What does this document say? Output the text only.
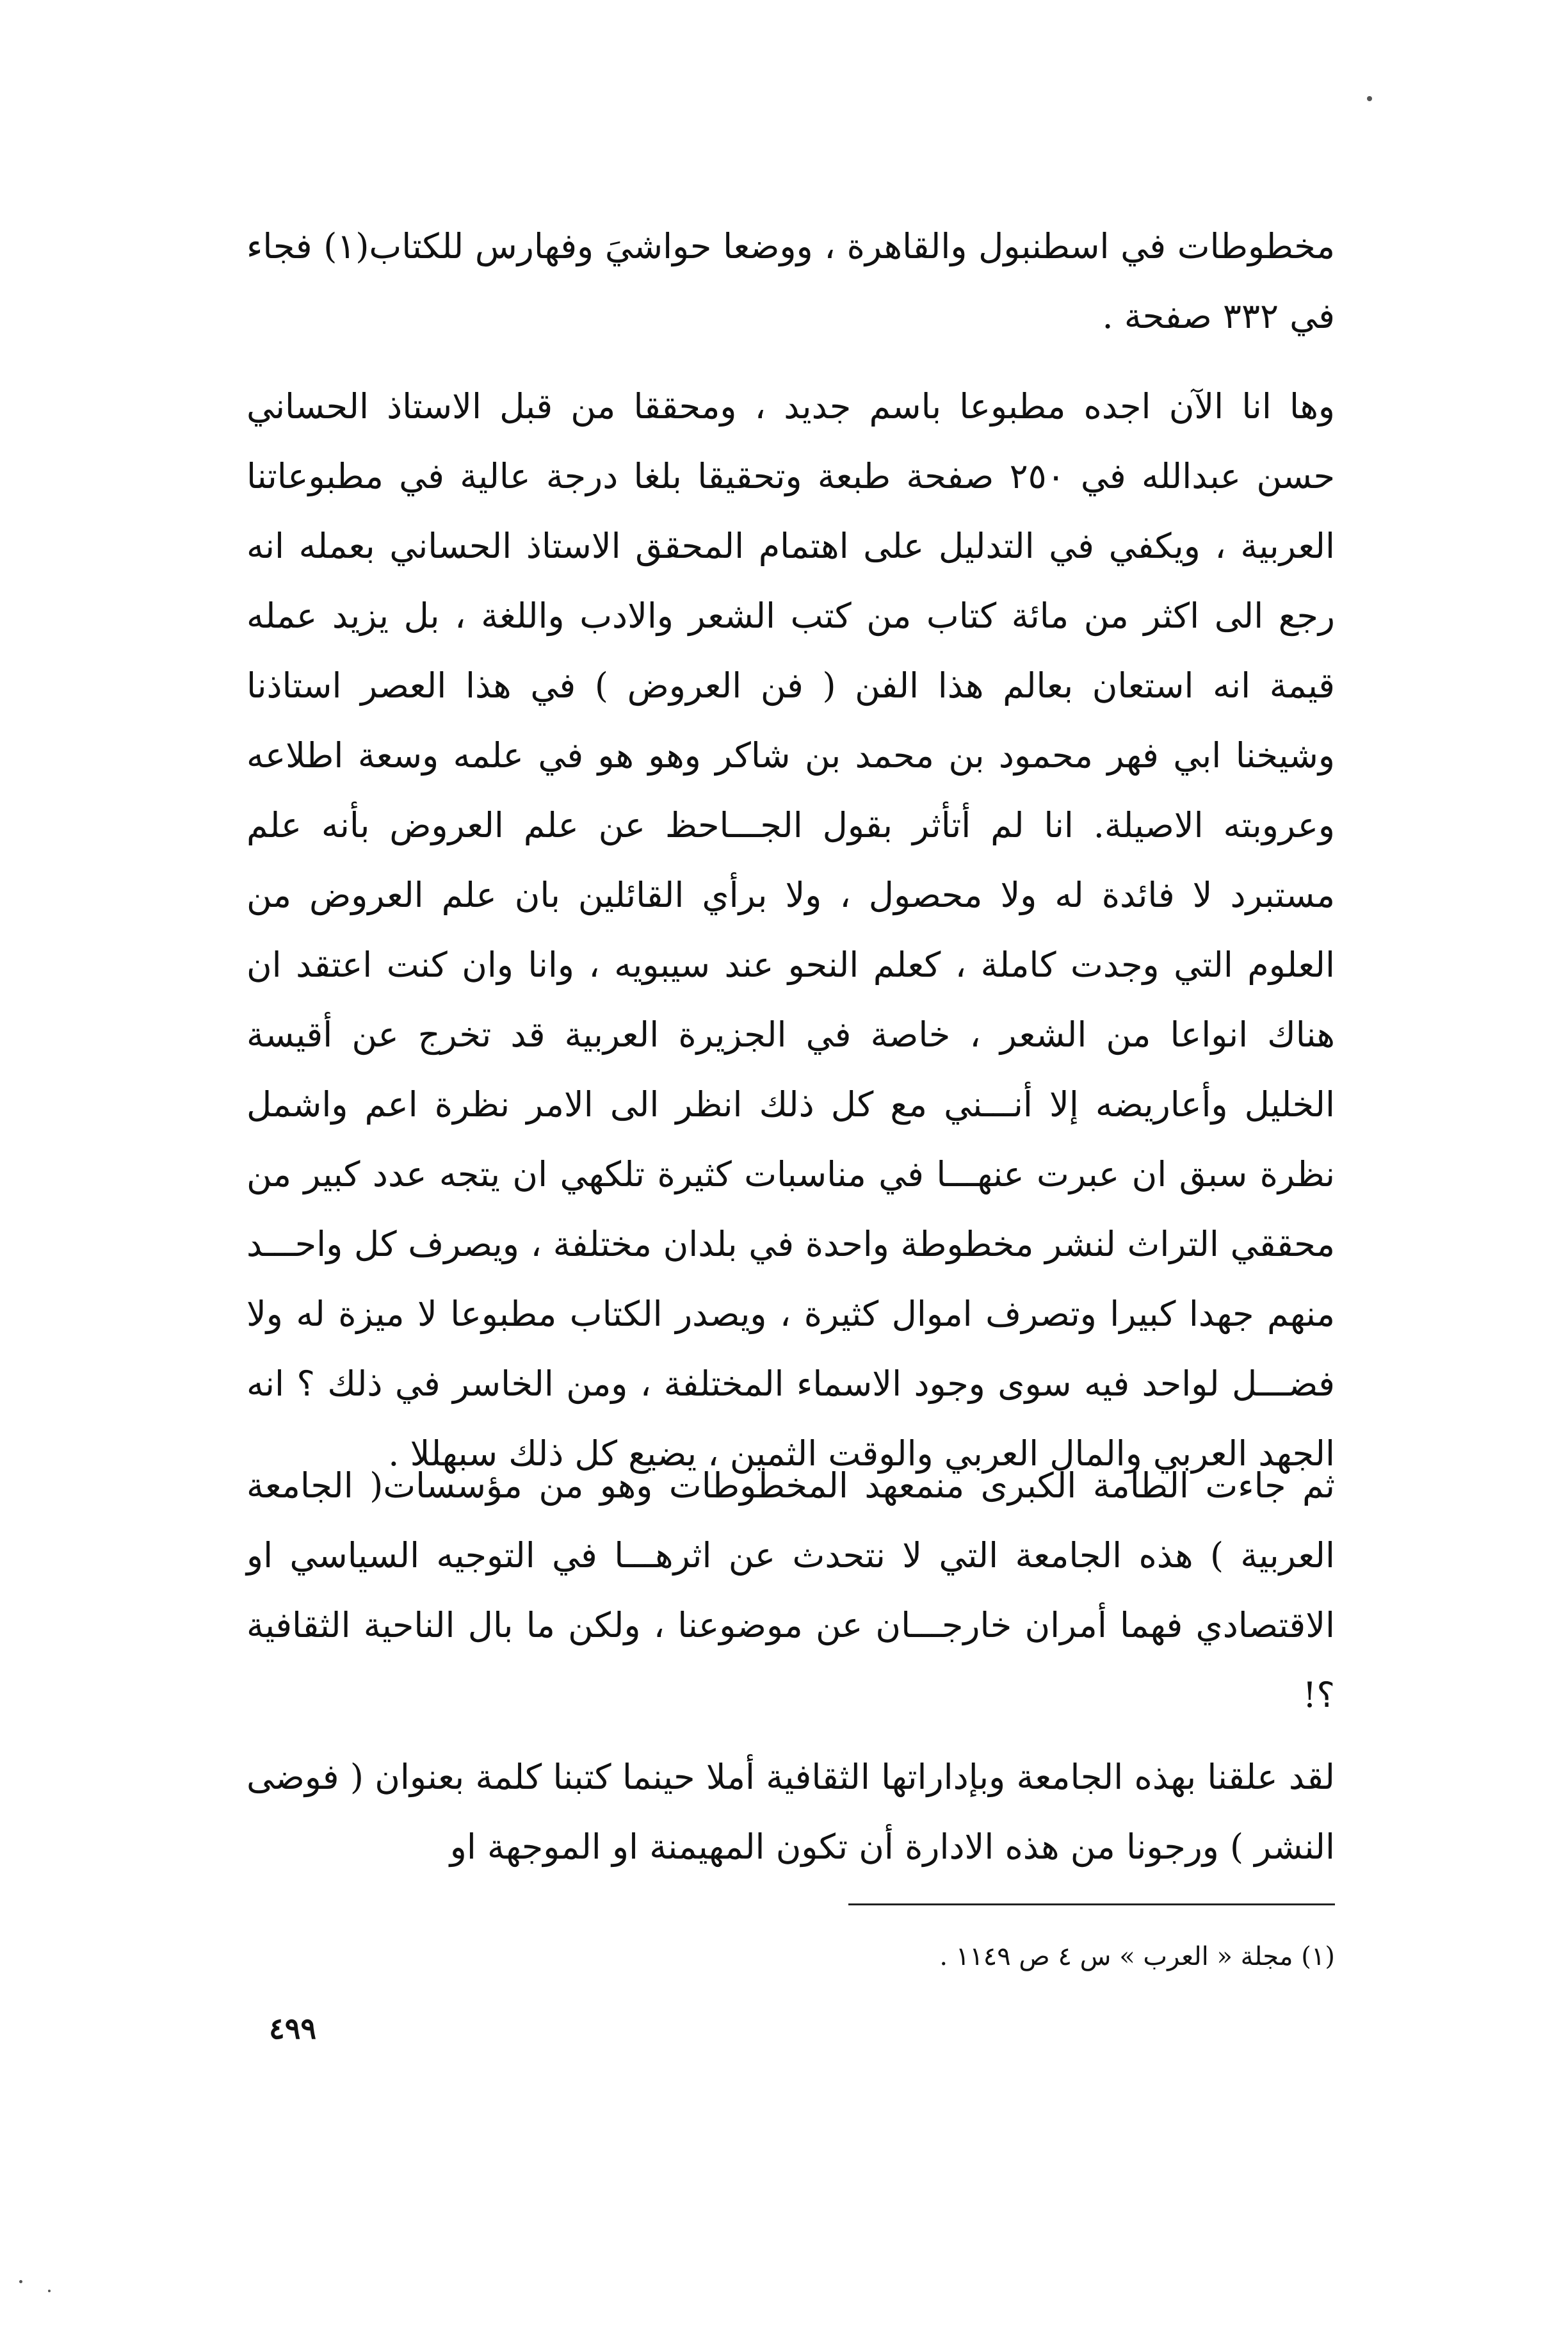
مخطوطات في اسطنبول والقاهرة ، ووضعا حواشيَ وفهارس للكتاب(١) فجاء في ٣٣٢ صفحة .

وها انا الآن اجده مطبوعا باسم جديد ، ومحققا من قبل الاستاذ الحساني حسن عبدالله في ٢٥٠ صفحة طبعة وتحقيقا بلغا درجة عالية في مطبوعاتنا العربية ، ويكفي في التدليل على اهتمام المحقق الاستاذ الحساني بعمله انه رجع الى اكثر من مائة كتاب من كتب الشعر والادب واللغة ، بل يزيد عمله قيمة انه استعان بعالم هذا الفن ( فن العروض ) في هذا العصر استاذنا وشيخنا ابي فهر محمود بن محمد بن شاكر وهو هو في علمه وسعة اطلاعه وعروبته الاصيلة. انا لم أتأثر بقول الجـــاحظ عن علم العروض بأنه علم مستبرد لا فائدة له ولا محصول ، ولا برأي القائلين بان علم العروض من العلوم التي وجدت كاملة ، كعلم النحو عند سيبويه ، وانا وان كنت اعتقد ان هناك انواعا من الشعر ، خاصة في الجزيرة العربية قد تخرج عن أقيسة الخليل وأعاريضه إلا أنـــني مع كل ذلك انظر الى الامر نظرة اعم واشمل نظرة سبق ان عبرت عنهـــا في مناسبات كثيرة تلكهي ان يتجه عدد كبير من محققي التراث لنشر مخطوطة واحدة في بلدان مختلفة ، ويصرف كل واحـــد منهم جهدا كبيرا وتصرف اموال كثيرة ، ويصدر الكتاب مطبوعا لا ميزة له ولا فضـــل لواحد فيه سوى وجود الاسماء المختلفة ، ومن الخاسر في ذلك ؟ انه الجهد العربي والمال العربي والوقت الثمين ، يضيع كل ذلك سبهللا .

ثم جاءت الطامة الكبرى منمعهد المخطوطات وهو من مؤسسات( الجامعة العربية ) هذه الجامعة التي لا نتحدث عن اثرهـــا في التوجيه السياسي او الاقتصادي فهما أمران خارجـــان عن موضوعنا ، ولكن ما بال الناحية الثقافية ؟!

لقد علقنا بهذه الجامعة وبإداراتها الثقافية أملا حينما كتبنا كلمة بعنوان ( فوضى النشر ) ورجونا من هذه الادارة أن تكون المهيمنة او الموجهة او

(١) مجلة « العرب » س ٤ ص ١١٤٩ .

٤٩٩
